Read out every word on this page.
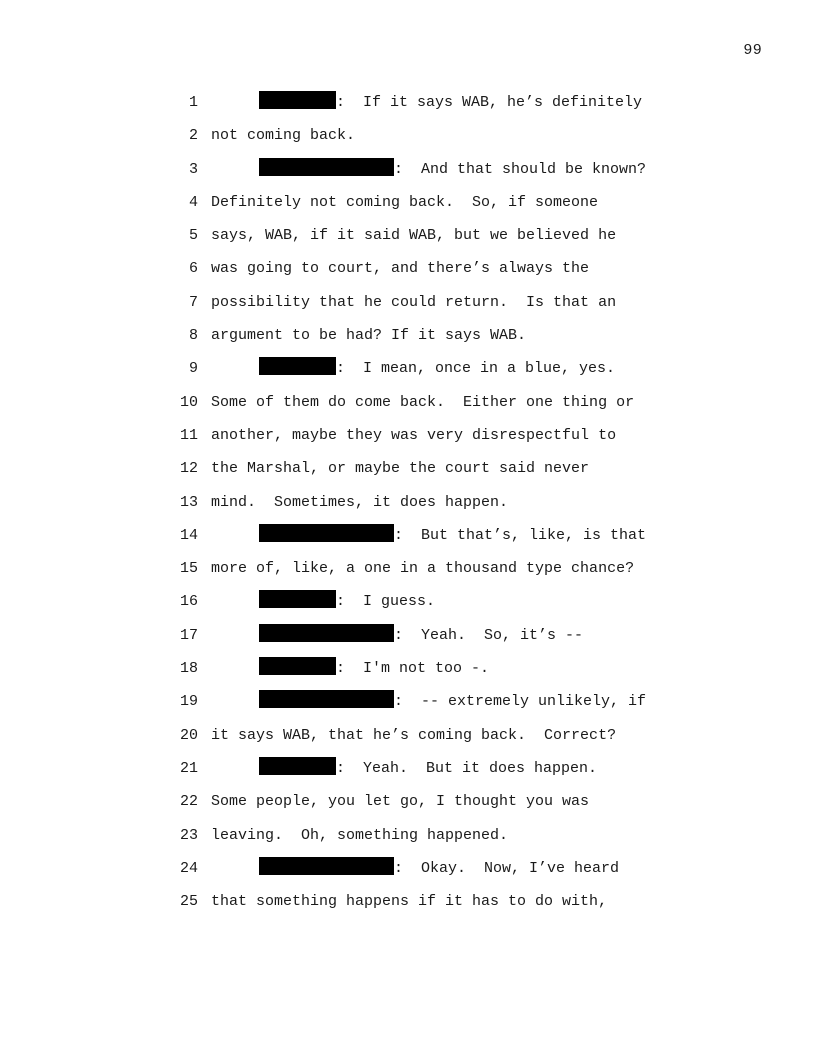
99
1	:  If it says WAB, he’s definitely
2 not coming back.
3	:  And that should be known?
4 Definitely not coming back.  So, if someone
5 says, WAB, if it said WAB, but we believed he
6 was going to court, and there’s always the
7 possibility that he could return.  Is that an
8 argument to be had? If it says WAB.
9	:  I mean, once in a blue, yes.
10 Some of them do come back.  Either one thing or
11 another, maybe they was very disrespectful to
12 the Marshal, or maybe the court said never
13 mind.  Sometimes, it does happen.
14	:  But that’s, like, is that
15 more of, like, a one in a thousand type chance?
16	:  I guess.
17	:  Yeah.  So, it’s --
18	:  I'm not too -.
19	:  -- extremely unlikely, if
20 it says WAB, that he’s coming back.  Correct?
21	:  Yeah.  But it does happen.
22 Some people, you let go, I thought you was
23 leaving.  Oh, something happened.
24	:  Okay.  Now, I’ve heard
25 that something happens if it has to do with,
